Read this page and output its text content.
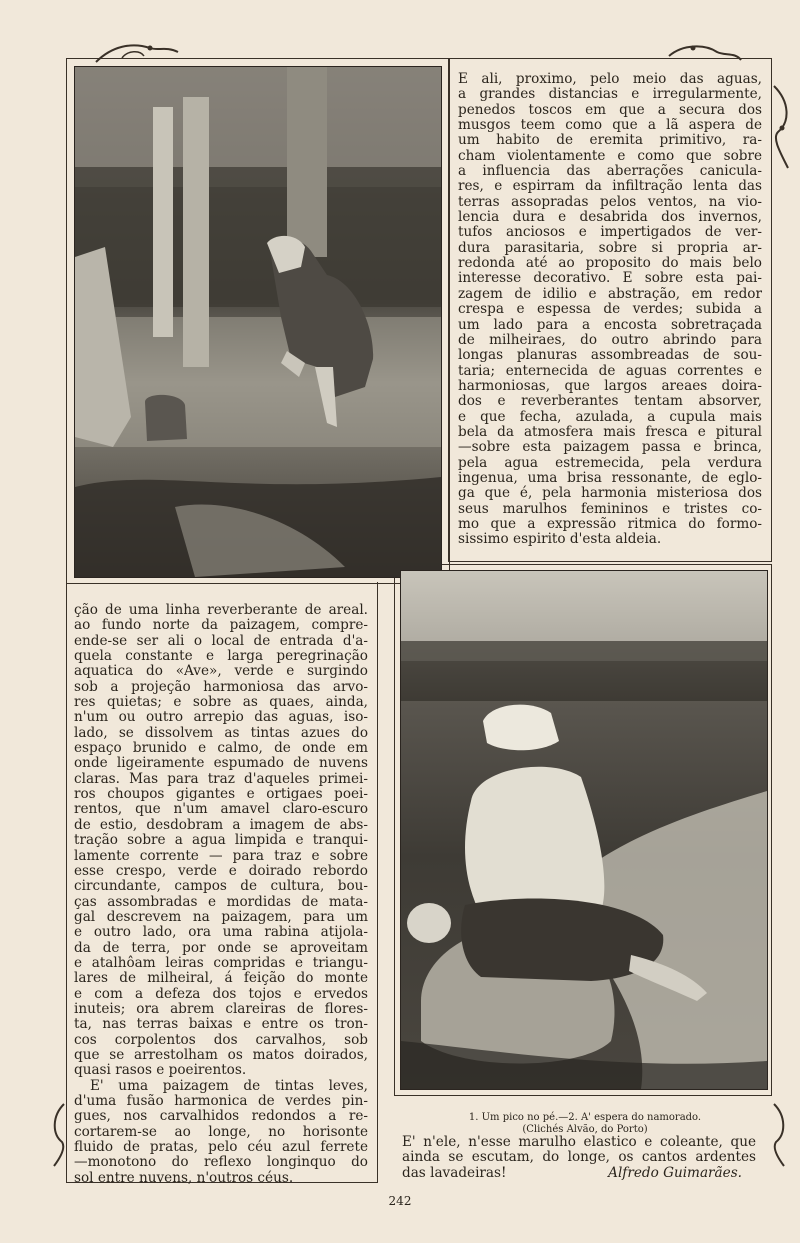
E ali, proximo, pelo meio das aguas,
a grandes distancias e irregularmente,
penedos toscos em que a secura dos
musgos teem como que a lã aspera de
um habito de eremita primitivo, ra-
cham violentamente e como que sobre
a influencia das aberrações canicula-
res, e espirram da infiltração lenta das
terras assopradas pelos ventos, na vio-
lencia dura e desabrida dos invernos,
tufos anciosos e impertigados de ver-
dura parasitaria, sobre si propria ar-
redonda até ao proposito do mais belo
interesse decorativo. E sobre esta pai-
zagem de idilio e abstração, em redor
crespa e espessa de verdes; subida a
um lado para a encosta sobretraçada
de milheiraes, do outro abrindo para
longas planuras assombreadas de sou-
taria; enternecida de aguas correntes e
harmoniosas, que largos areaes doira-
dos e reverberantes tentam absorver,
e que fecha, azulada, a cupula mais
bela da atmosfera mais fresca e pitural
—sobre esta paizagem passa e brinca,
pela agua estremecida, pela verdura
ingenua, uma brisa ressonante, de eglo-
ga que é, pela harmonia misteriosa dos
seus marulhos femininos e tristes co-
mo que a expressão ritmica do formo-
sissimo espirito d'esta aldeia.
ção de uma linha reverberante de areal.
ao fundo norte da paizagem, compre-
ende-se ser ali o local de entrada d'a-
quela constante e larga peregrinação
aquatica do «Ave», verde e surgindo
sob a projeção harmoniosa das arvo-
res quietas; e sobre as quaes, ainda,
n'um ou outro arrepio das aguas, iso-
lado, se dissolvem as tintas azues do
espaço brunido e calmo, de onde em
onde ligeiramente espumado de nuvens
claras. Mas para traz d'aqueles primei-
ros choupos gigantes e ortigaes poei-
rentos, que n'um amavel claro-escuro
de estio, desdobram a imagem de abs-
tração sobre a agua limpida e tranqui-
lamente corrente — para traz e sobre
esse crespo, verde e doirado rebordo
circundante, campos de cultura, bou-
ças assombradas e mordidas de mata-
gal descrevem na paizagem, para um
e outro lado, ora uma rabina atijola-
da de terra, por onde se aproveitam
e atalhôam leiras compridas e triangu-
lares de milheiral, á feição do monte
e com a defeza dos tojos e ervedos
inuteis; ora abrem clareiras de flores-
ta, nas terras baixas e entre os tron-
cos corpolentos dos carvalhos, sob
que se arrestolham os matos doirados,
quasi rasos e poeirentos.
E' uma paizagem de tintas leves,
d'uma fusão harmonica de verdes pin-
gues, nos carvalhidos redondos a re-
cortarem-se ao longe, no horisonte
fluido de pratas, pelo céu azul ferrete
—monotono do reflexo longinquo do
sol entre nuvens, n'outros céus.
1. Um pico no pé.—2. A' espera do namorado.
(Clichés Alvão, do Porto)
E' n'ele, n'esse marulho elastico e coleante, que
ainda se escutam, do longe, os cantos ardentes
das lavadeiras!	Alfredo Guimarães.
242
